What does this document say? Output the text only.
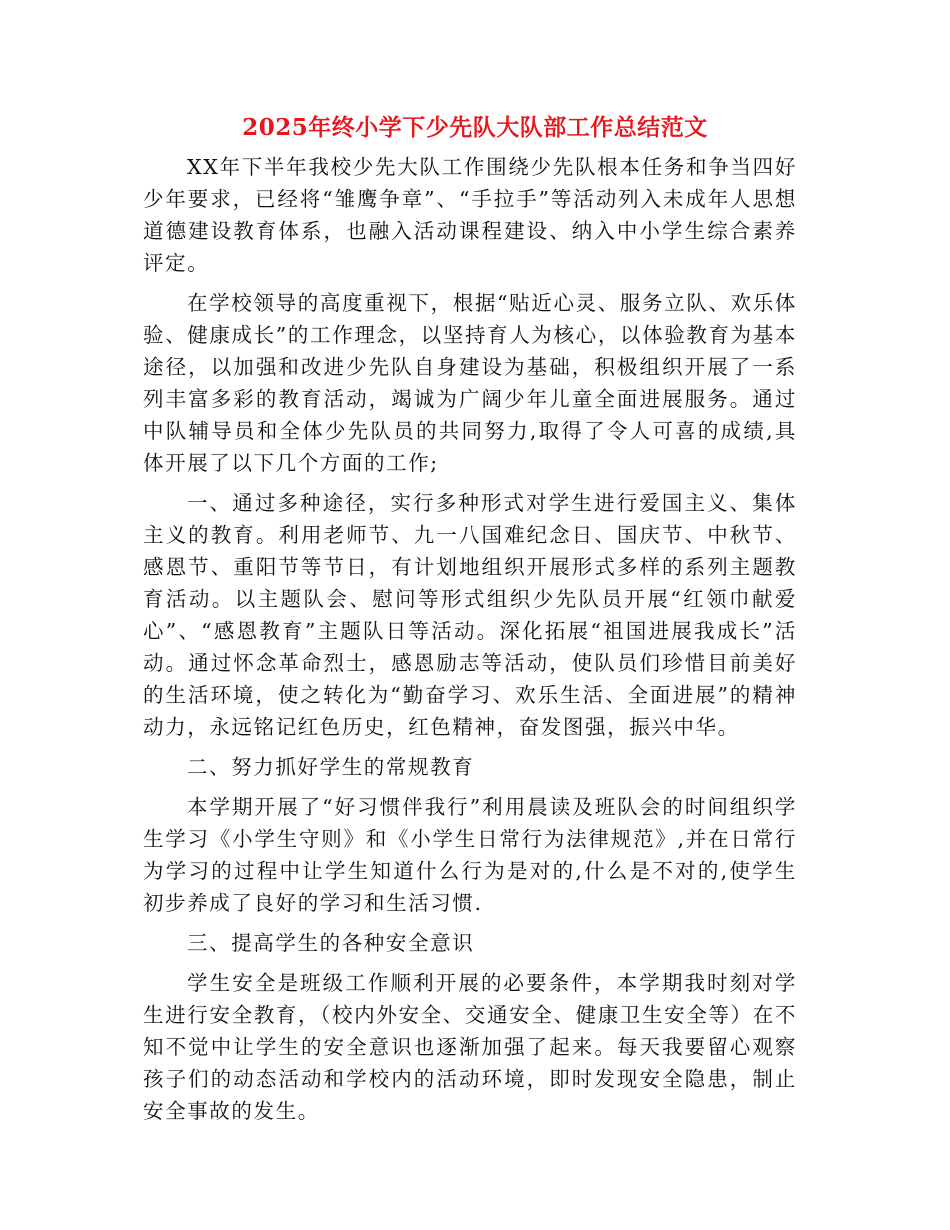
2025年终小学下少先队大队部工作总结范文

XX年下半年我校少先大队工作围绕少先队根本任务和争当四好少年要求，已经将“雏鹰争章”、“手拉手”等活动列入未成年人思想道德建设教育体系，也融入活动课程建设、纳入中小学生综合素养评定。

在学校领导的高度重视下，根据“贴近心灵、服务立队、欢乐体验、健康成长”的工作理念，以坚持育人为核心，以体验教育为基本途径，以加强和改进少先队自身建设为基础，积极组织开展了一系列丰富多彩的教育活动，竭诚为广阔少年儿童全面进展服务。通过中队辅导员和全体少先队员的共同努力,取得了令人可喜的成绩,具体开展了以下几个方面的工作;

一、通过多种途径，实行多种形式对学生进行爱国主义、集体主义的教育。利用老师节、九一八国难纪念日、国庆节、中秋节、感恩节、重阳节等节日，有计划地组织开展形式多样的系列主题教育活动。以主题队会、慰问等形式组织少先队员开展“红领巾献爱心”、“感恩教育”主题队日等活动。深化拓展“祖国进展我成长”活动。通过怀念革命烈士，感恩励志等活动，使队员们珍惜目前美好的生活环境，使之转化为“勤奋学习、欢乐生活、全面进展”的精神动力，永远铭记红色历史，红色精神，奋发图强，振兴中华。

二、努力抓好学生的常规教育

本学期开展了“好习惯伴我行”利用晨读及班队会的时间组织学生学习《小学生守则》和《小学生日常行为法律规范》,并在日常行为学习的过程中让学生知道什么行为是对的,什么是不对的,使学生初步养成了良好的学习和生活习惯.

三、提高学生的各种安全意识

学生安全是班级工作顺利开展的必要条件，本学期我时刻对学生进行安全教育，（校内外安全、交通安全、健康卫生安全等）在不知不觉中让学生的安全意识也逐渐加强了起来。每天我要留心观察孩子们的动态活动和学校内的活动环境，即时发现安全隐患，制止安全事故的发生。
